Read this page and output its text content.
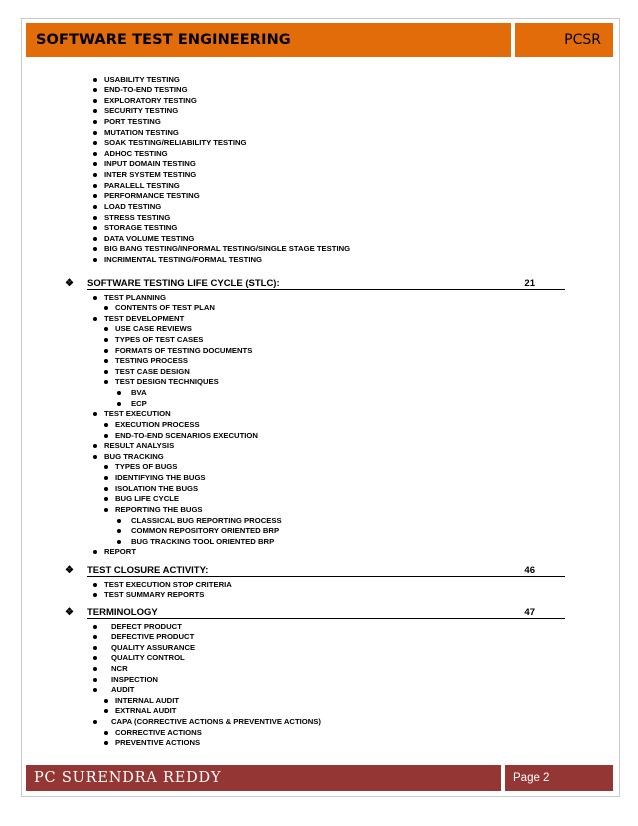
SOFTWARE TEST ENGINEERING	PCSR
USABILITY TESTING
END-TO-END TESTING
EXPLORATORY TESTING
SECURITY TESTING
PORT TESTING
MUTATION TESTING
SOAK TESTING/RELIABILITY TESTING
ADHOC TESTING
INPUT DOMAIN TESTING
INTER SYSTEM TESTING
PARALELL TESTING
PERFORMANCE TESTING
LOAD TESTING
STRESS TESTING
STORAGE TESTING
DATA VOLUME TESTING
BIG BANG TESTING/INFORMAL TESTING/SINGLE STAGE TESTING
INCRIMENTAL TESTING/FORMAL TESTING
❖	SOFTWARE TESTING LIFE CYCLE (STLC):	21
TEST PLANNING
CONTENTS OF TEST PLAN
TEST DEVELOPMENT
USE CASE REVIEWS
TYPES OF TEST CASES
FORMATS OF TESTING DOCUMENTS
TESTING PROCESS
TEST CASE DESIGN
TEST DESIGN TECHNIQUES
BVA
ECP
TEST EXECUTION
EXECUTION PROCESS
END-TO-END SCENARIOS EXECUTION
RESULT ANALYSIS
BUG TRACKING
TYPES OF BUGS
IDENTIFYING THE BUGS
ISOLATION THE BUGS
BUG LIFE CYCLE
REPORTING THE BUGS
CLASSICAL BUG REPORTING PROCESS
COMMON REPOSITORY ORIENTED BRP
BUG TRACKING TOOL ORIENTED BRP
REPORT
❖	TEST CLOSURE ACTIVITY:	46
TEST EXECUTION STOP CRITERIA
TEST SUMMARY REPORTS
❖	TERMINOLOGY	47
DEFECT PRODUCT
DEFECTIVE PRODUCT
QUALITY ASSURANCE
QUALITY CONTROL
NCR
INSPECTION
AUDIT
INTERNAL AUDIT
EXTRNAL AUDIT
CAPA (CORRECTIVE ACTIONS & PREVENTIVE ACTIONS)
CORRECTIVE ACTIONS
PREVENTIVE ACTIONS
PC SURENDRA REDDY	Page 2
